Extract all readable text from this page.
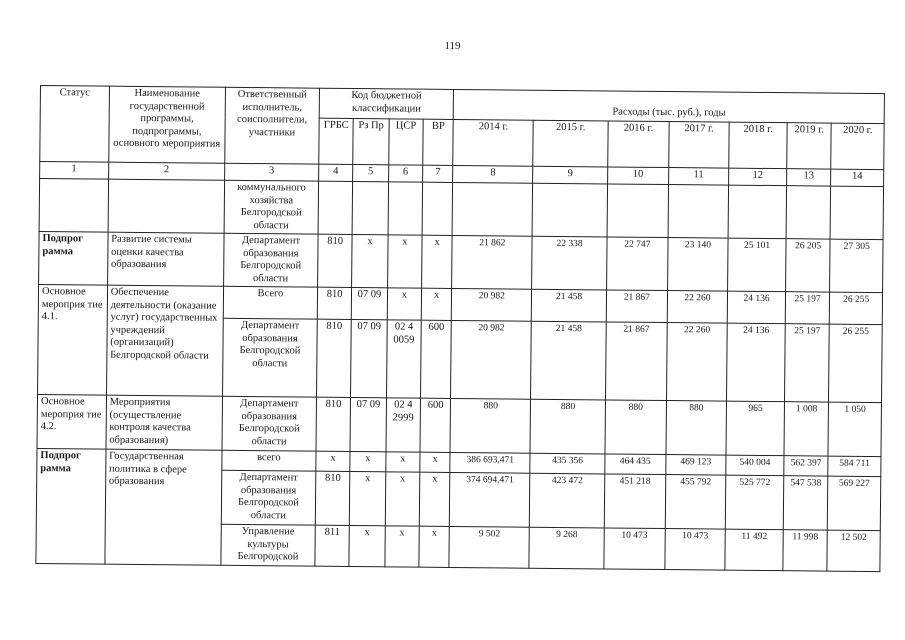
119
Статус	Наименование государственной программы, подпрограммы, основного мероприятия	Ответственный исполнитель, соисполнители, участники	Код бюджетной классификации										
							Расходы (тыс. руб.), годы						
			ГРБС	Рз Пр	ЦСР	ВР	2014 г.	2015 г.	2016 г.	2017 г.	2018 г.	2019 г.	2020 г.
1	2	3	4	5	6	7	8	9	10	11	12	13	14
		коммунального хозяйства Белгородской области											
Подпрог рамма	Развитие системы оценки качества образования	Департамент образования Белгородской области	810	х	х	х	21 862	22 338	22 747	23 140	25 101	26 205	27 305
Основное мероприя тие 4.1.	Обеспечение деятельности (оказание услуг) государственных учреждений (организаций) Белгородской области	Всего	810	07 09	х	х	20 982	21 458	21 867	22 260	24 136	25 197	26 255
		Департамент образования Белгородской области	810	07 09	02 4 0059	600	20 982	21 458	21 867	22 260	24 136	25 197	26 255
Основное мероприя тие 4.2.	Мероприятия (осуществление контроля качества образования)	Департамент образования Белгородской области	810	07 09	02 4 2999	600	880	880	880	880	965	1 008	1 050
Подпрог рамма	Государственная политика в сфере образования	всего	х	х	х	х	386 693,471	435 356	464 435	469 123	540 004	562 397	584 711
		Департамент образования Белгородской области	810	х	х	х	374 694,471	423 472	451 218	455 792	525 772	547 538	569 227
		Управление культуры Белгородской	811	х	х	х	9 502	9 268	10 473	10 473	11 492	11 998	12 502
